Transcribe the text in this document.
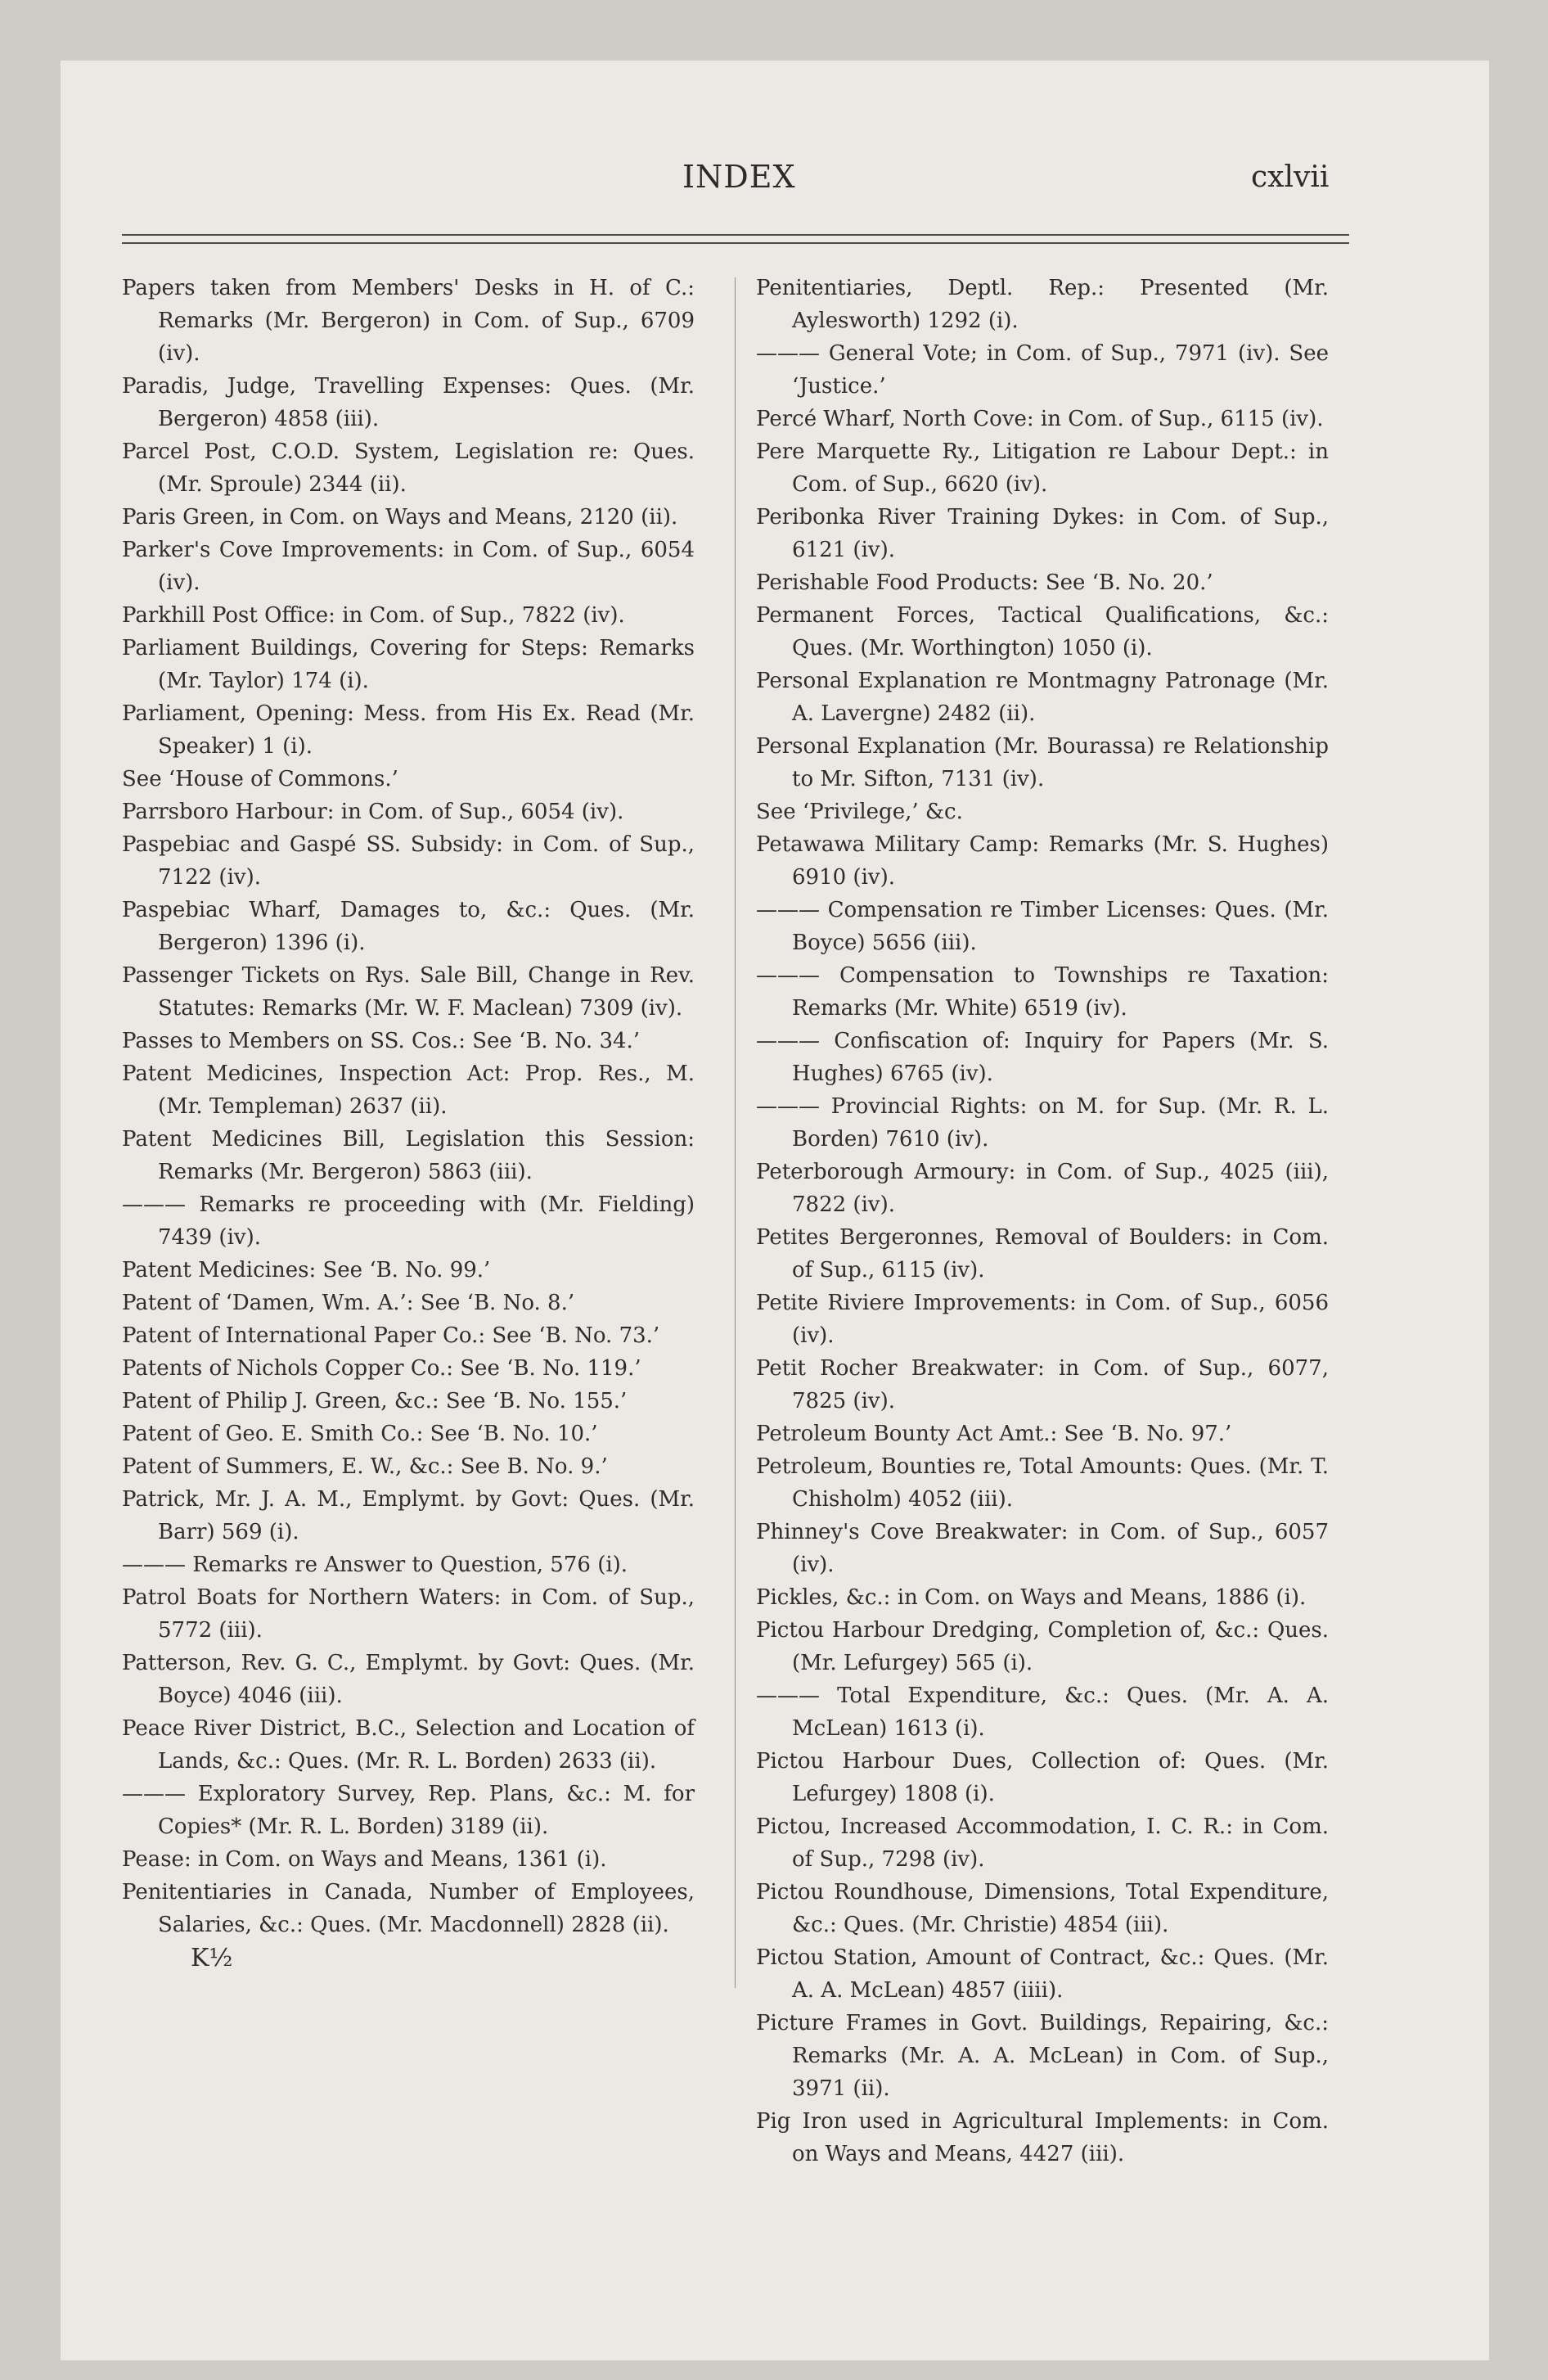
INDEX	cxlvii

Papers taken from Members' Desks in H. of C.: Remarks (Mr. Bergeron) in Com. of Sup., 6709 (iv).

Paradis, Judge, Travelling Expenses: Ques. (Mr. Bergeron) 4858 (iii).

Parcel Post, C.O.D. System, Legislation re: Ques. (Mr. Sproule) 2344 (ii).

Paris Green, in Com. on Ways and Means, 2120 (ii).

Parker's Cove Improvements: in Com. of Sup., 6054 (iv).

Parkhill Post Office: in Com. of Sup., 7822 (iv).

Parliament Buildings, Covering for Steps: Remarks (Mr. Taylor) 174 (i).

Parliament, Opening: Mess. from His Ex. Read (Mr. Speaker) 1 (i).

See ‘House of Commons.’

Parrsboro Harbour: in Com. of Sup., 6054 (iv).

Paspebiac and Gaspé SS. Subsidy: in Com. of Sup., 7122 (iv).

Paspebiac Wharf, Damages to, &c.: Ques. (Mr. Bergeron) 1396 (i).

Passenger Tickets on Rys. Sale Bill, Change in Rev. Statutes: Remarks (Mr. W. F. Maclean) 7309 (iv).

Passes to Members on SS. Cos.: See ‘B. No. 34.’

Patent Medicines, Inspection Act: Prop. Res., M. (Mr. Templeman) 2637 (ii).

Patent Medicines Bill, Legislation this Session: Remarks (Mr. Bergeron) 5863 (iii).

——— Remarks re proceeding with (Mr. Fielding) 7439 (iv).

Patent Medicines: See ‘B. No. 99.’

Patent of ‘Damen, Wm. A.’: See ‘B. No. 8.’

Patent of International Paper Co.: See ‘B. No. 73.’

Patents of Nichols Copper Co.: See ‘B. No. 119.’

Patent of Philip J. Green, &c.: See ‘B. No. 155.’

Patent of Geo. E. Smith Co.: See ‘B. No. 10.’

Patent of Summers, E. W., &c.: See B. No. 9.’

Patrick, Mr. J. A. M., Emplymt. by Govt: Ques. (Mr. Barr) 569 (i).

——— Remarks re Answer to Question, 576 (i).

Patrol Boats for Northern Waters: in Com. of Sup., 5772 (iii).

Patterson, Rev. G. C., Emplymt. by Govt: Ques. (Mr. Boyce) 4046 (iii).

Peace River District, B.C., Selection and Location of Lands, &c.: Ques. (Mr. R. L. Borden) 2633 (ii).

——— Exploratory Survey, Rep. Plans, &c.: M. for Copies* (Mr. R. L. Borden) 3189 (ii).

Pease: in Com. on Ways and Means, 1361 (i).

Penitentiaries in Canada, Number of Employees, Salaries, &c.: Ques. (Mr. Macdonnell) 2828 (ii).

K½

Penitentiaries, Deptl. Rep.: Presented (Mr. Aylesworth) 1292 (i).

——— General Vote; in Com. of Sup., 7971 (iv). See ‘Justice.’

Percé Wharf, North Cove: in Com. of Sup., 6115 (iv).

Pere Marquette Ry., Litigation re Labour Dept.: in Com. of Sup., 6620 (iv).

Peribonka River Training Dykes: in Com. of Sup., 6121 (iv).

Perishable Food Products: See ‘B. No. 20.’

Permanent Forces, Tactical Qualifications, &c.: Ques. (Mr. Worthington) 1050 (i).

Personal Explanation re Montmagny Patronage (Mr. A. Lavergne) 2482 (ii).

Personal Explanation (Mr. Bourassa) re Relationship to Mr. Sifton, 7131 (iv).

See ‘Privilege,’ &c.

Petawawa Military Camp: Remarks (Mr. S. Hughes) 6910 (iv).

——— Compensation re Timber Licenses: Ques. (Mr. Boyce) 5656 (iii).

——— Compensation to Townships re Taxation: Remarks (Mr. White) 6519 (iv).

——— Confiscation of: Inquiry for Papers (Mr. S. Hughes) 6765 (iv).

——— Provincial Rights: on M. for Sup. (Mr. R. L. Borden) 7610 (iv).

Peterborough Armoury: in Com. of Sup., 4025 (iii), 7822 (iv).

Petites Bergeronnes, Removal of Boulders: in Com. of Sup., 6115 (iv).

Petite Riviere Improvements: in Com. of Sup., 6056 (iv).

Petit Rocher Breakwater: in Com. of Sup., 6077, 7825 (iv).

Petroleum Bounty Act Amt.: See ‘B. No. 97.’

Petroleum, Bounties re, Total Amounts: Ques. (Mr. T. Chisholm) 4052 (iii).

Phinney's Cove Breakwater: in Com. of Sup., 6057 (iv).

Pickles, &c.: in Com. on Ways and Means, 1886 (i).

Pictou Harbour Dredging, Completion of, &c.: Ques. (Mr. Lefurgey) 565 (i).

——— Total Expenditure, &c.: Ques. (Mr. A. A. McLean) 1613 (i).

Pictou Harbour Dues, Collection of: Ques. (Mr. Lefurgey) 1808 (i).

Pictou, Increased Accommodation, I. C. R.: in Com. of Sup., 7298 (iv).

Pictou Roundhouse, Dimensions, Total Expenditure, &c.: Ques. (Mr. Christie) 4854 (iii).

Pictou Station, Amount of Contract, &c.: Ques. (Mr. A. A. McLean) 4857 (iiii).

Picture Frames in Govt. Buildings, Repairing, &c.: Remarks (Mr. A. A. McLean) in Com. of Sup., 3971 (ii).

Pig Iron used in Agricultural Implements: in Com. on Ways and Means, 4427 (iii).
